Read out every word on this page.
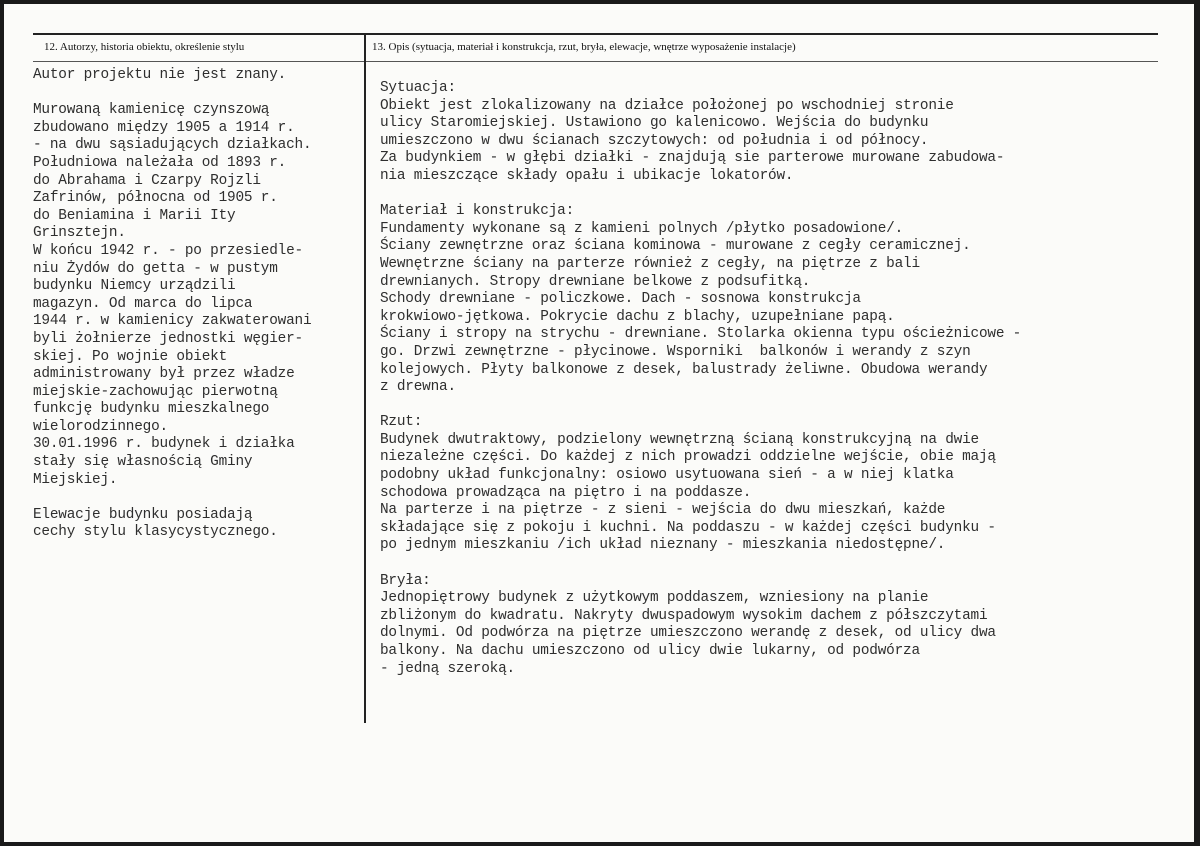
12. Autorzy, historia obiektu, określenie stylu	13. Opis (sytuacja, materiał i konstrukcja, rzut, bryła, elewacje, wnętrze wyposażenie instalacje)
Autor projektu nie jest znany.
Murowaną kamienicę czynszową
zbudowano między 1905 a 1914 r.
- na dwu sąsiadujących działkach.
Południowa należała od 1893 r.
do Abrahama i Czarpy Rojzli
Zafrinów, północna od 1905 r.
do Beniamina i Marii Ity
Grinsztejn.
W końcu 1942 r. - po przesiedle-
niu Żydów do getta - w pustym
budynku Niemcy urządzili
magazyn. Od marca do lipca
1944 r. w kamienicy zakwaterowani
byli żołnierze jednostki węgier-
skiej. Po wojnie obiekt
administrowany był przez władze
miejskie-zachowując pierwotną
funkcję budynku mieszkalnego
wielorodzinnego.
30.01.1996 r. budynek i działka
stały się własnością Gminy
Miejskiej.
Elewacje budynku posiadają
cechy stylu klasycystycznego.
Sytuacja:
Obiekt jest zlokalizowany na działce położonej po wschodniej stronie
ulicy Staromiejskiej. Ustawiono go kalenicowo. Wejścia do budynku
umieszczono w dwu ścianach szczytowych: od południa i od północy.
Za budynkiem - w głębi działki - znajdują sie parterowe murowane zabudowa-
nia mieszczące składy opału i ubikacje lokatorów.
Materiał i konstrukcja:
Fundamenty wykonane są z kamieni polnych /płytko posadowione/.
Ściany zewnętrzne oraz ściana kominowa - murowane z cegły ceramicznej.
Wewnętrzne ściany na parterze również z cegły, na piętrze z bali
drewnianych. Stropy drewniane belkowe z podsufitką.
Schody drewniane - policzkowe. Dach - sosnowa konstrukcja
krokwiowo-jętkowa. Pokrycie dachu z blachy, uzupełniane papą.
Ściany i stropy na strychu - drewniane. Stolarka okienna typu ościeżnicowe -
go. Drzwi zewnętrzne - płycinowe. Wsporniki  balkonów i werandy z szyn
kolejowych. Płyty balkonowe z desek, balustrady żeliwne. Obudowa werandy
z drewna.
Rzut:
Budynek dwutraktowy, podzielony wewnętrzną ścianą konstrukcyjną na dwie
niezależne części. Do każdej z nich prowadzi oddzielne wejście, obie mają
podobny układ funkcjonalny: osiowo usytuowana sień - a w niej klatka
schodowa prowadząca na piętro i na poddasze.
Na parterze i na piętrze - z sieni - wejścia do dwu mieszkań, każde
składające się z pokoju i kuchni. Na poddaszu - w każdej części budynku -
po jednym mieszkaniu /ich układ nieznany - mieszkania niedostępne/.
Bryła:
Jednopiętrowy budynek z użytkowym poddaszem, wzniesiony na planie
zbliżonym do kwadratu. Nakryty dwuspadowym wysokim dachem z półszczytami
dolnymi. Od podwórza na piętrze umieszczono werandę z desek, od ulicy dwa
balkony. Na dachu umieszczono od ulicy dwie lukarny, od podwórza
- jedną szeroką.
